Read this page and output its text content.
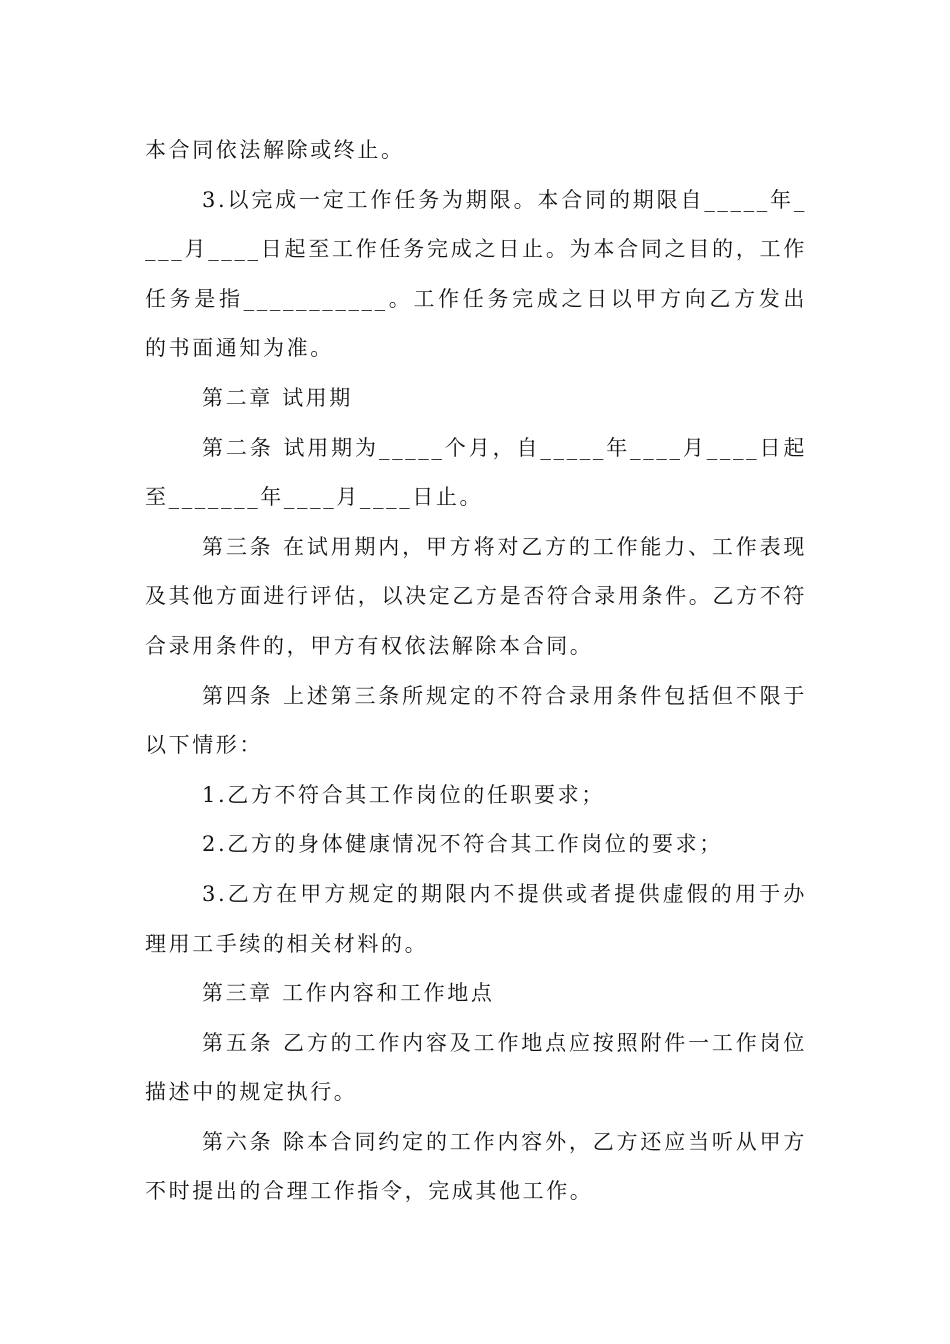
本合同依法解除或终止。

3.以完成一定工作任务为期限。本合同的期限自_____年____月____日起至工作任务完成之日止。为本合同之目的，工作任务是指___________。工作任务完成之日以甲方向乙方发出的书面通知为准。

第二章 试用期

第二条 试用期为_____个月，自_____年____月____日起至_______年____月____日止。

第三条 在试用期内，甲方将对乙方的工作能力、工作表现及其他方面进行评估，以决定乙方是否符合录用条件。乙方不符合录用条件的，甲方有权依法解除本合同。

第四条 上述第三条所规定的不符合录用条件包括但不限于以下情形：

1.乙方不符合其工作岗位的任职要求；

2.乙方的身体健康情况不符合其工作岗位的要求；

3.乙方在甲方规定的期限内不提供或者提供虚假的用于办理用工手续的相关材料的。

第三章 工作内容和工作地点

第五条 乙方的工作内容及工作地点应按照附件一工作岗位描述中的规定执行。

第六条 除本合同约定的工作内容外，乙方还应当听从甲方不时提出的合理工作指令，完成其他工作。
